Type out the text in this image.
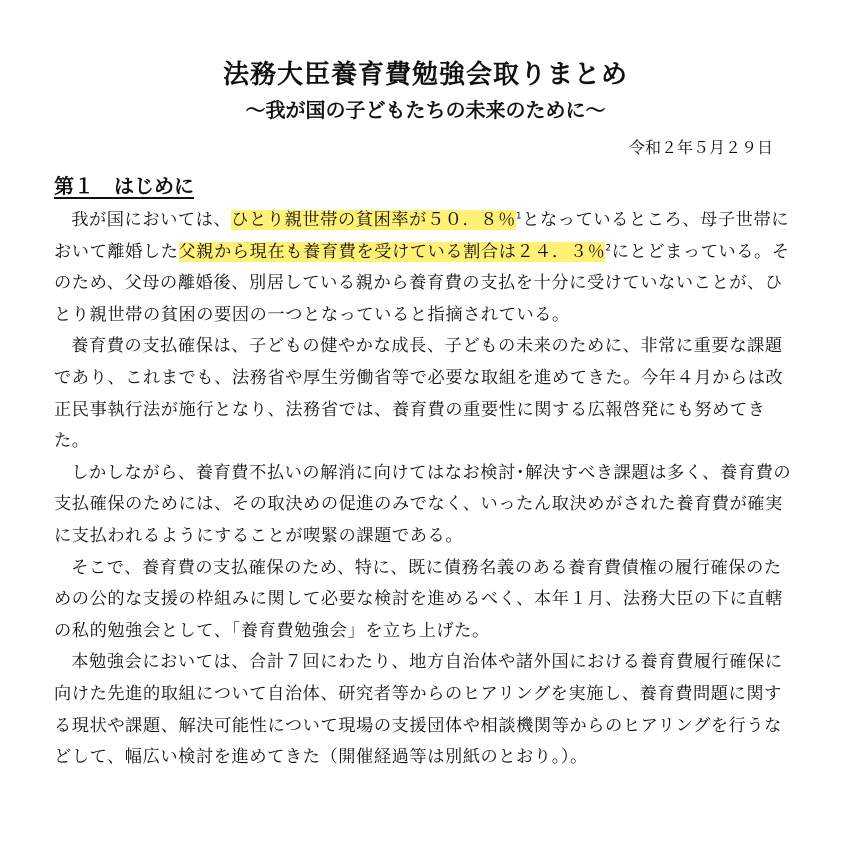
法務大臣養育費勉強会取りまとめ
～我が国の子どもたちの未来のために～
令和２年５月２９日
第１　はじめに

我が国においては、ひとり親世帯の貧困率が５０．８％$^1$となっているところ、母子世帯において離婚した父親から現在も養育費を受けている割合は２４．３％$^2$にとどまっている。そのため、父母の離婚後、別居している親から養育費の支払を十分に受けていないことが、ひとり親世帯の貧困の要因の一つとなっていると指摘されている。

養育費の支払確保は、子どもの健やかな成長、子どもの未来のために、非常に重要な課題であり、これまでも、法務省や厚生労働省等で必要な取組を進めてきた。今年４月からは改正民事執行法が施行となり、法務省では、養育費の重要性に関する広報啓発にも努めてきた。

しかしながら、養育費不払いの解消に向けてはなお検討･解決すべき課題は多く、養育費の支払確保のためには、その取決めの促進のみでなく、いったん取決めがされた養育費が確実に支払われるようにすることが喫緊の課題である。

そこで、養育費の支払確保のため、特に、既に債務名義のある養育費債権の履行確保のための公的な支援の枠組みに関して必要な検討を進めるべく、本年１月、法務大臣の下に直轄の私的勉強会として、「養育費勉強会」を立ち上げた。

本勉強会においては、合計７回にわたり、地方自治体や諸外国における養育費履行確保に向けた先進的取組について自治体、研究者等からのヒアリングを実施し、養育費問題に関する現状や課題、解決可能性について現場の支援団体や相談機関等からのヒアリングを行うなどして、幅広い検討を進めてきた（開催経過等は別紙のとおり。）。
